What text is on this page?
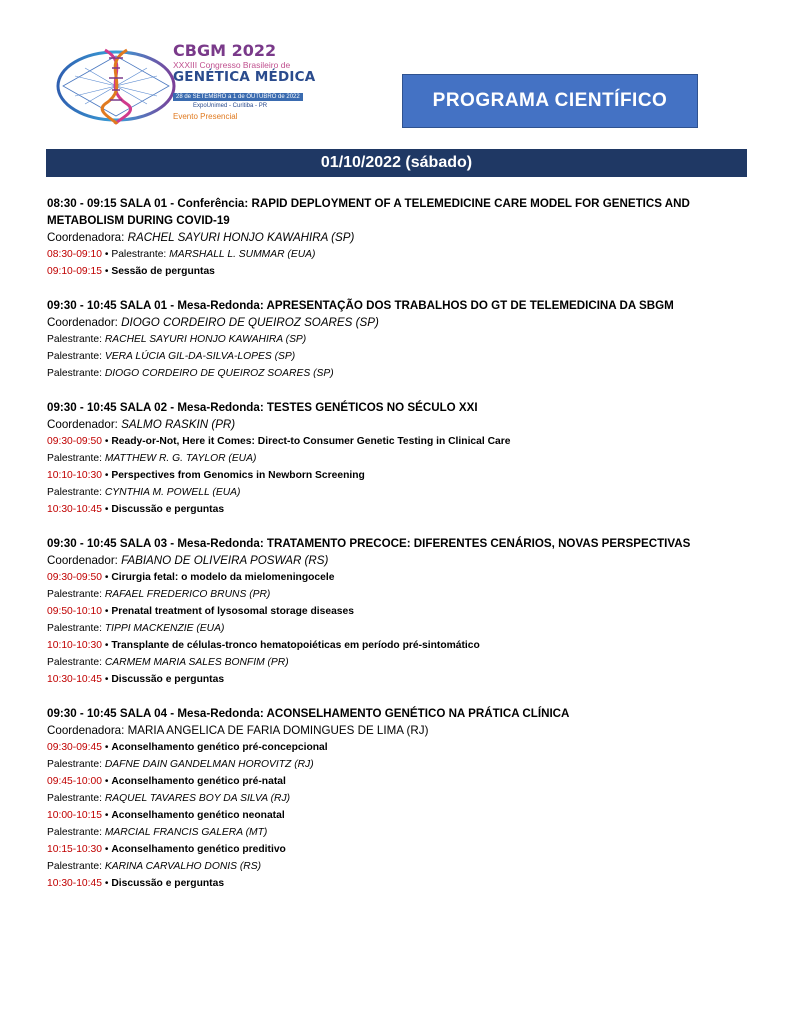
CBGM 2022
XXXIII Congresso Brasileiro de
GENÉTICA MÉDICA
28 de SETEMBRO a 1 de OUTUBRO de 2022
ExpoUnimed - Curitiba - PR
Evento Presencial
PROGRAMA CIENTÍFICO
01/10/2022 (sábado)
08:30 - 09:15 SALA 01 - Conferência: RAPID DEPLOYMENT OF A TELEMEDICINE CARE MODEL FOR GENETICS AND METABOLISM DURING COVID-19
Coordenadora: RACHEL SAYURI HONJO KAWAHIRA (SP)
08:30-09:10 • Palestrante: MARSHALL L. SUMMAR (EUA)
09:10-09:15 • Sessão de perguntas
09:30 - 10:45 SALA 01 - Mesa-Redonda: APRESENTAÇÃO DOS TRABALHOS DO GT DE TELEMEDICINA DA SBGM
Coordenador: DIOGO CORDEIRO DE QUEIROZ SOARES (SP)
Palestrante: RACHEL SAYURI HONJO KAWAHIRA (SP)
Palestrante: VERA LÚCIA GIL-DA-SILVA-LOPES (SP)
Palestrante: DIOGO CORDEIRO DE QUEIROZ SOARES (SP)
09:30 - 10:45 SALA 02 - Mesa-Redonda: TESTES GENÉTICOS NO SÉCULO XXI
Coordenador: SALMO RASKIN (PR)
09:30-09:50 • Ready-or-Not, Here it Comes: Direct-to Consumer Genetic Testing in Clinical Care
Palestrante: MATTHEW R. G. TAYLOR (EUA)
10:10-10:30 • Perspectives from Genomics in Newborn Screening
Palestrante: CYNTHIA M. POWELL (EUA)
10:30-10:45 • Discussão e perguntas
09:30 - 10:45 SALA 03 - Mesa-Redonda: TRATAMENTO PRECOCE: DIFERENTES CENÁRIOS, NOVAS PERSPECTIVAS
Coordenador: FABIANO DE OLIVEIRA POSWAR (RS)
09:30-09:50 • Cirurgia fetal: o modelo da mielomeningocele
Palestrante: RAFAEL FREDERICO BRUNS (PR)
09:50-10:10 • Prenatal treatment of lysosomal storage diseases
Palestrante: TIPPI MACKENZIE (EUA)
10:10-10:30 • Transplante de células-tronco hematopoiéticas em período pré-sintomático
Palestrante: CARMEM MARIA SALES BONFIM (PR)
10:30-10:45 • Discussão e perguntas
09:30 - 10:45 SALA 04 - Mesa-Redonda: ACONSELHAMENTO GENÉTICO NA PRÁTICA CLÍNICA
Coordenadora: MARIA ANGELICA DE FARIA DOMINGUES DE LIMA (RJ)
09:30-09:45 • Aconselhamento genético pré-concepcional
Palestrante: DAFNE DAIN GANDELMAN HOROVITZ (RJ)
09:45-10:00 • Aconselhamento genético pré-natal
Palestrante: RAQUEL TAVARES BOY DA SILVA (RJ)
10:00-10:15 • Aconselhamento genético neonatal
Palestrante: MARCIAL FRANCIS GALERA (MT)
10:15-10:30 • Aconselhamento genético preditivo
Palestrante: KARINA CARVALHO DONIS (RS)
10:30-10:45 • Discussão e perguntas
